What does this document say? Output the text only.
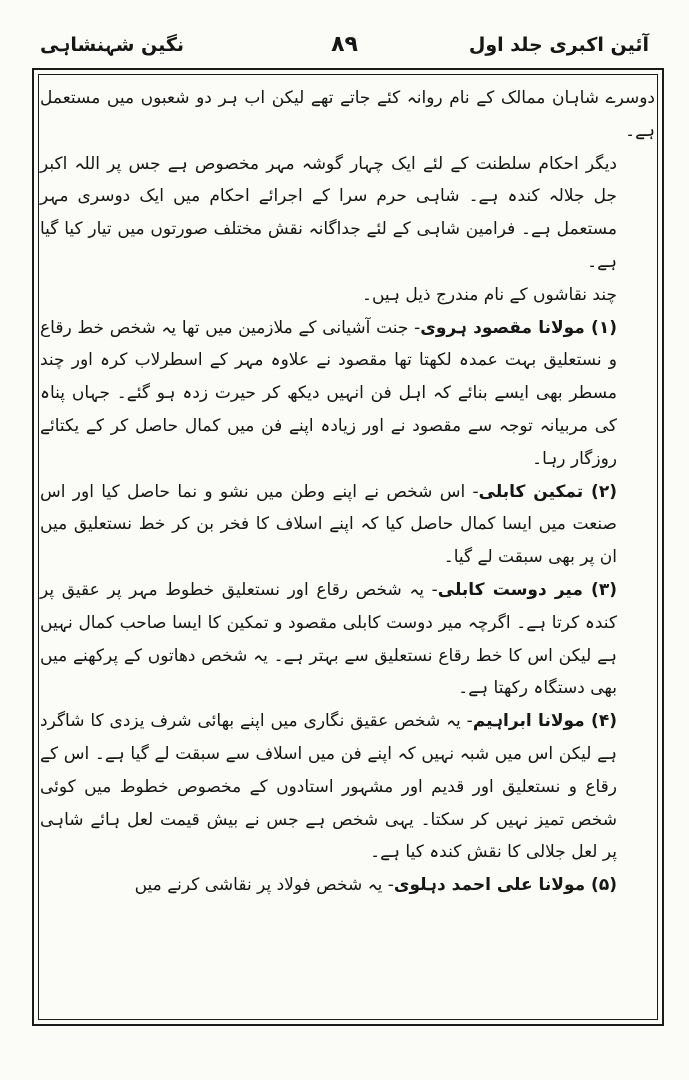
آئین اکبری جلد اول
۸۹
نگین شہنشاہی

دوسرے شاہان ممالک کے نام روانہ کئے جاتے تھے لیکن اب ہر دو شعبوں میں مستعمل ہے۔

دیگر احکام سلطنت کے لئے ایک چہار گوشہ مہر مخصوص ہے جس پر اللہ اکبر جل جلالہ کندہ ہے۔ شاہی حرم سرا کے اجرائے احکام میں ایک دوسری مہر مستعمل ہے۔ فرامین شاہی کے لئے جداگانہ نقش مختلف صورتوں میں تیار کیا گیا ہے۔

چند نقاشوں کے نام مندرج ذیل ہیں۔

(۱) مولانا مقصود ہروی- جنت آشیانی کے ملازمین میں تھا یہ شخص خط رقاع و نستعلیق بہت عمدہ لکھتا تھا مقصود نے علاوہ مہر کے اسطرلاب کرہ اور چند مسطر بھی ایسے بنائے کہ اہل فن انہیں دیکھ کر حیرت زدہ ہو گئے۔ جہاں پناہ کی مربیانہ توجہ سے مقصود نے اور زیادہ اپنے فن میں کمال حاصل کر کے یکتائے روزگار رہا۔

(۲) تمکین کابلی- اس شخص نے اپنے وطن میں نشو و نما حاصل کیا اور اس صنعت میں ایسا کمال حاصل کیا کہ اپنے اسلاف کا فخر بن کر خط نستعلیق میں ان پر بھی سبقت لے گیا۔

(۳) میر دوست کابلی- یہ شخص رقاع اور نستعلیق خطوط مہر پر عقیق پر کندہ کرتا ہے۔ اگرچہ میر دوست کابلی مقصود و تمکین کا ایسا صاحب کمال نہیں ہے لیکن اس کا خط رقاع نستعلیق سے بہتر ہے۔ یہ شخص دھاتوں کے پرکھنے میں بھی دستگاہ رکھتا ہے۔

(۴) مولانا ابراہیم- یہ شخص عقیق نگاری میں اپنے بھائی شرف یزدی کا شاگرد ہے لیکن اس میں شبہ نہیں کہ اپنے فن میں اسلاف سے سبقت لے گیا ہے۔ اس کے رقاع و نستعلیق اور قدیم اور مشہور استادوں کے مخصوص خطوط میں کوئی شخص تمیز نہیں کر سکتا۔ یہی شخص ہے جس نے بیش قیمت لعل ہائے شاہی پر لعل جلالی کا نقش کندہ کیا ہے۔

(۵) مولانا علی احمد دہلوی- یہ شخص فولاد پر نقاشی کرنے میں
